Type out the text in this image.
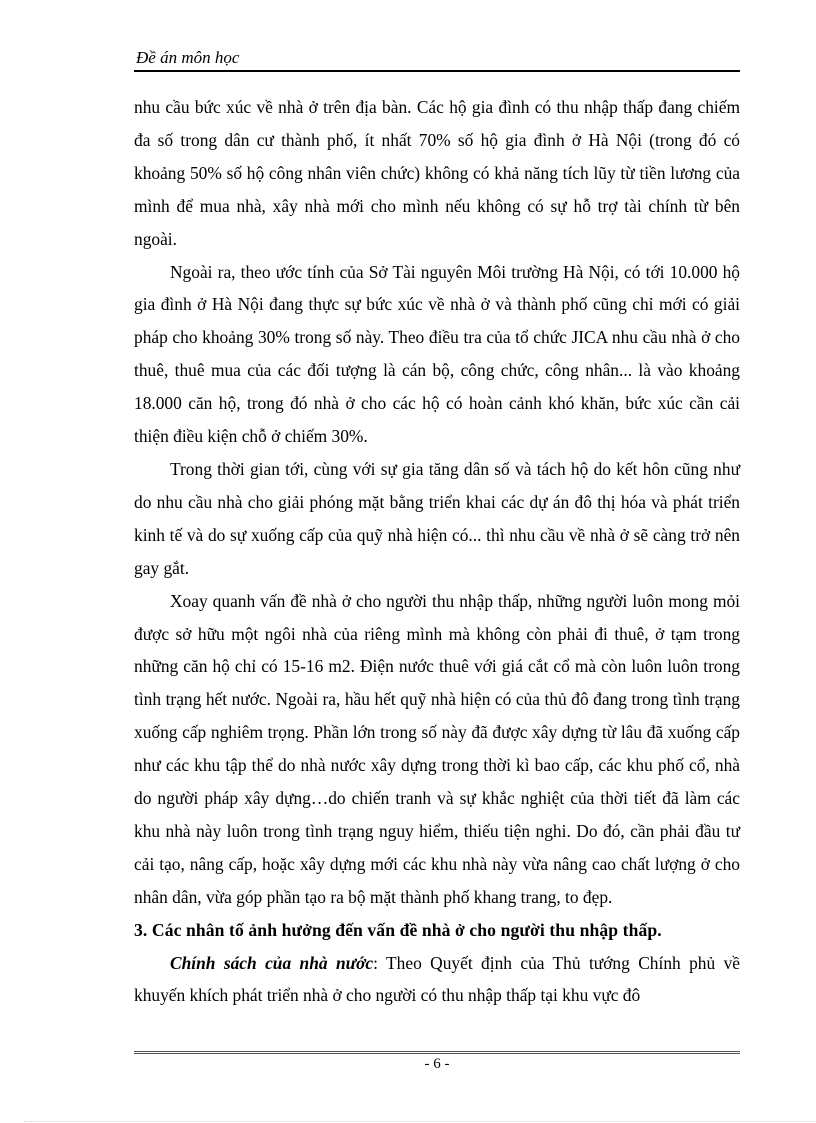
Đề án môn học

nhu cầu bức xúc về nhà ở trên địa bàn. Các hộ gia đình có thu nhập thấp đang chiếm đa số trong dân cư thành phố, ít nhất 70% số hộ gia đình ở Hà Nội (trong đó có khoảng 50% số hộ công nhân viên chức) không có khả năng tích lũy từ tiền lương của mình để mua nhà, xây nhà mới cho mình nếu không có sự hỗ trợ tài chính từ bên ngoài.

Ngoài ra, theo ước tính của Sở Tài nguyên Môi trường Hà Nội, có tới 10.000 hộ gia đình ở Hà Nội đang thực sự bức xúc về nhà ở và thành phố cũng chỉ mới có giải pháp cho khoảng 30% trong số này. Theo điều tra của tổ chức JICA nhu cầu nhà ở cho thuê, thuê mua của các đối tượng là cán bộ, công chức, công nhân... là vào khoảng 18.000 căn hộ, trong đó nhà ở cho các hộ có hoàn cảnh khó khăn, bức xúc cần cải thiện điều kiện chỗ ở chiếm 30%.

Trong thời gian tới, cùng với sự gia tăng dân số và tách hộ do kết hôn cũng như do nhu cầu nhà cho giải phóng mặt bằng triển khai các dự án đô thị hóa và phát triển kinh tế và do sự xuống cấp của quỹ nhà hiện có... thì nhu cầu về nhà ở sẽ càng trở nên gay gắt.

Xoay quanh vấn đề nhà ở cho người thu nhập thấp, những người luôn mong mỏi được sở hữu một ngôi nhà của riêng mình mà không còn phải đi thuê, ở tạm trong những căn hộ chỉ có 15-16 m2. Điện nước thuê với giá cắt cổ mà còn luôn luôn trong tình trạng hết nước. Ngoài ra, hầu hết quỹ nhà hiện có của thủ đô đang trong tình trạng xuống cấp nghiêm trọng. Phần lớn trong số này đã được xây dựng từ lâu đã xuống cấp như các khu tập thể do nhà nước xây dựng trong thời kì bao cấp, các khu phố cổ, nhà do người pháp xây dựng…do chiến tranh và sự khắc nghiệt của thời tiết đã làm các khu nhà này luôn trong tình trạng nguy hiểm, thiếu tiện nghi. Do đó, cần phải đầu tư cải tạo, nâng cấp, hoặc xây dựng mới các khu nhà này vừa nâng cao chất lượng ở cho nhân dân, vừa góp phần tạo ra bộ mặt thành phố khang trang, to đẹp.

3. Các nhân tố ảnh hưởng đến vấn đề nhà ở cho người thu nhập thấp.

Chính sách của nhà nước: Theo Quyết định của Thủ tướng Chính phủ về khuyến khích phát triển nhà ở cho người có thu nhập thấp tại khu vực đô

- 6 -
